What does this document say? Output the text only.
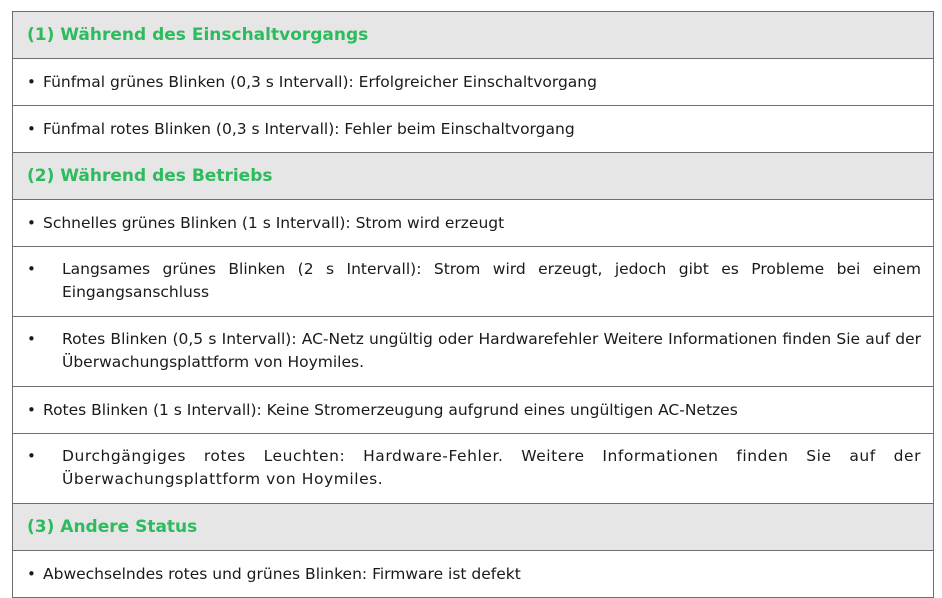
(1) Während des Einschaltvorgangs
• Fünfmal grünes Blinken (0,3 s Intervall): Erfolgreicher Einschaltvorgang
• Fünfmal rotes Blinken (0,3 s Intervall): Fehler beim Einschaltvorgang
(2) Während des Betriebs
• Schnelles grünes Blinken (1 s Intervall): Strom wird erzeugt
•	Langsames grünes Blinken (2 s Intervall): Strom wird erzeugt, jedoch gibt es Probleme bei einem Eingangsanschluss
•	Rotes Blinken (0,5 s Intervall): AC-Netz ungültig oder Hardwarefehler Weitere Informationen finden Sie auf der Überwachungsplattform von Hoymiles.
• Rotes Blinken (1 s Intervall): Keine Stromerzeugung aufgrund eines ungültigen AC-Netzes
•	Durchgängiges rotes Leuchten: Hardware-Fehler. Weitere Informationen finden Sie auf der Überwachungsplattform von Hoymiles.
(3) Andere Status
• Abwechselndes rotes und grünes Blinken: Firmware ist defekt
